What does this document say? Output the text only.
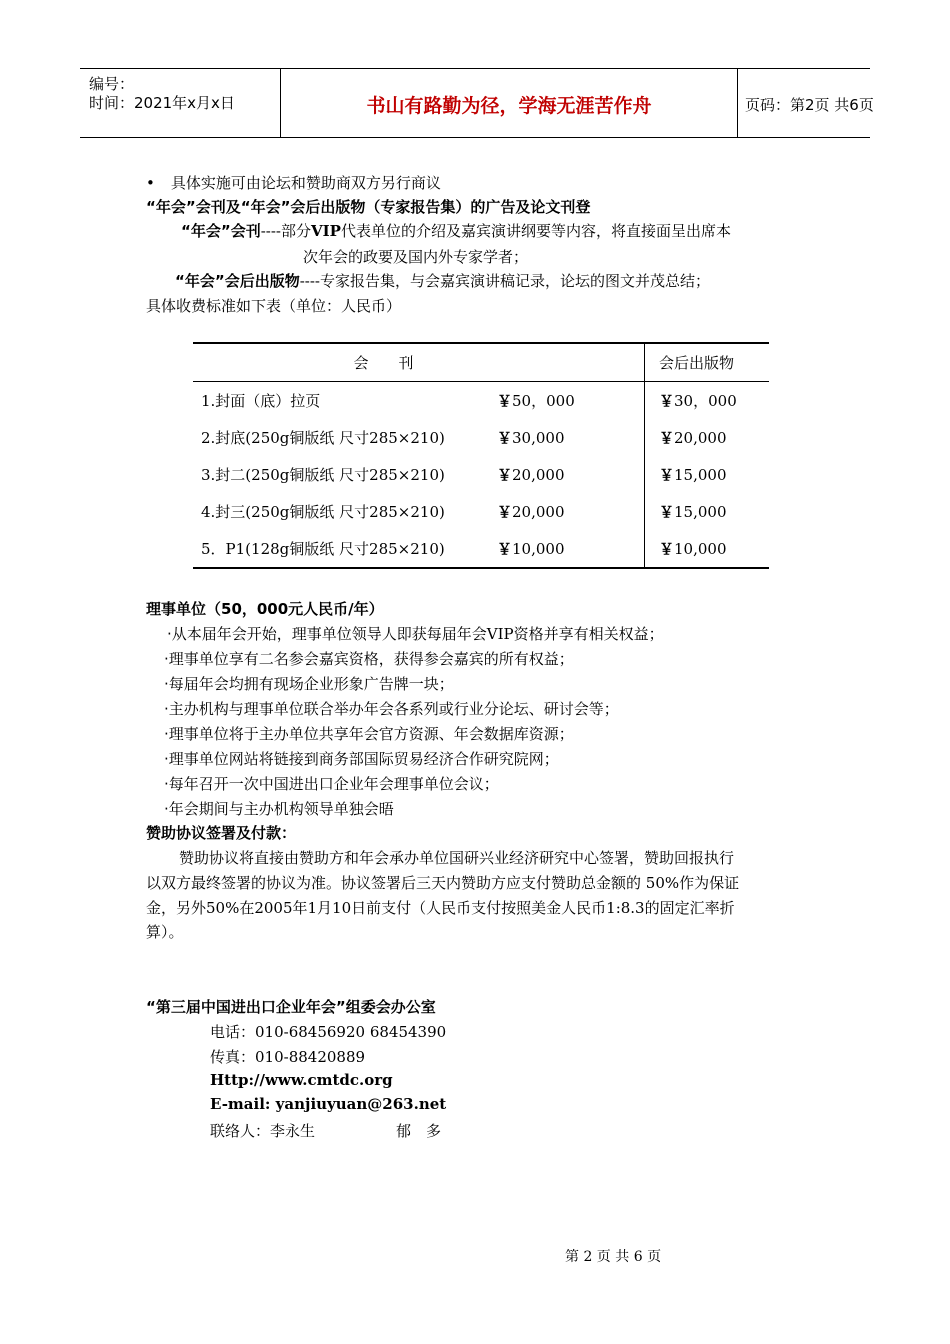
编号：
时间：2021年x月x日	书山有路勤为径，学海无涯苦作舟	页码：第2页 共6页
• 具体实施可由论坛和赞助商双方另行商议
“年会”会刊及“年会”会后出版物（专家报告集）的广告及论文刊登
“年会”会刊----部分VIP代表单位的介绍及嘉宾演讲纲要等内容，将直接面呈出席本
次年会的政要及国内外专家学者；
“年会”会后出版物----专家报告集，与会嘉宾演讲稿记录，论坛的图文并茂总结；
具体收费标准如下表（单位：人民币）
会　　刊		会后出版物
1.封面（底）拉页	￥50，000	￥30，000
2.封底(250g铜版纸 尺寸285×210)	￥30,000	￥20,000
3.封二(250g铜版纸 尺寸285×210)	￥20,000	￥15,000
4.封三(250g铜版纸 尺寸285×210)	￥20,000	￥15,000
5．P1(128g铜版纸 尺寸285×210)	￥10,000	￥10,000
理事单位（50，000元人民币/年）
·从本届年会开始，理事单位领导人即获每届年会VIP资格并享有相关权益；
·理事单位享有二名参会嘉宾资格，获得参会嘉宾的所有权益；
·每届年会均拥有现场企业形象广告牌一块；
·主办机构与理事单位联合举办年会各系列或行业分论坛、研讨会等；
·理事单位将于主办单位共享年会官方资源、年会数据库资源；
·理事单位网站将链接到商务部国际贸易经济合作研究院网；
·每年召开一次中国进出口企业年会理事单位会议；
·年会期间与主办机构领导单独会晤
赞助协议签署及付款：
赞助协议将直接由赞助方和年会承办单位国研兴业经济研究中心签署，赞助回报执行
以双方最终签署的协议为准。协议签署后三天内赞助方应支付赞助总金额的 50%作为保证
金，另外50%在2005年1月10日前支付（人民币支付按照美金人民币1:8.3的固定汇率折
算）。
“第三届中国进出口企业年会”组委会办公室
电话：010-68456920 68454390
传真：010-88420889
Http://www.cmtdc.org
E-mail: yanjiuyuan@263.net
联络人：李永生	郁　多
第 2 页 共 6 页
